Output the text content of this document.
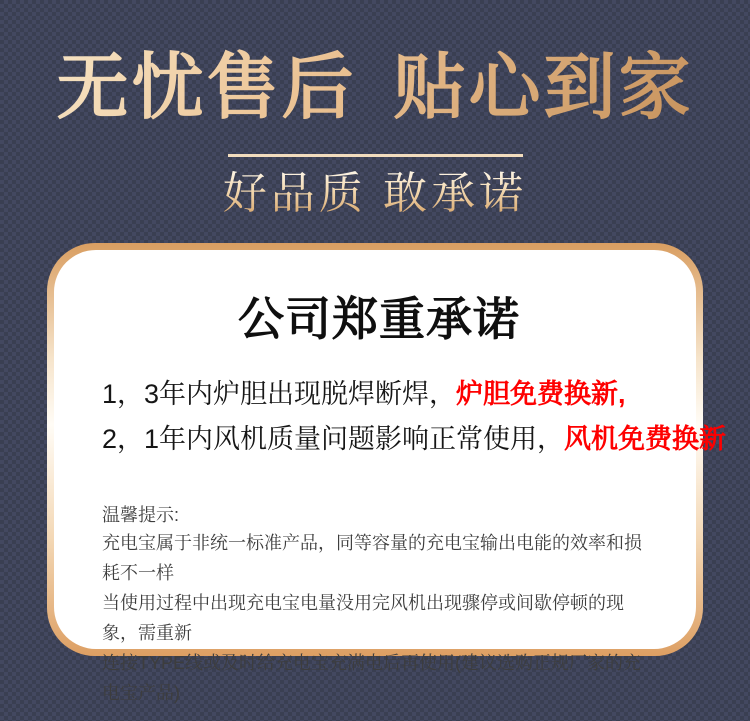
无忧售后 贴心到家
好品质 敢承诺
公司郑重承诺

1，3年内炉胆出现脱焊断焊，炉胆免费换新,

2，1年内风机质量问题影响正常使用，风机免费换新

温馨提示:

充电宝属于非统一标准产品，同等容量的充电宝输出电能的效率和损耗不一样

当使用过程中出现充电宝电量没用完风机出现骤停或间歇停顿的现象，需重新

连接TYPE线或及时给充电宝充满电后再使用(建议选购正规厂家的充电宝产品)
